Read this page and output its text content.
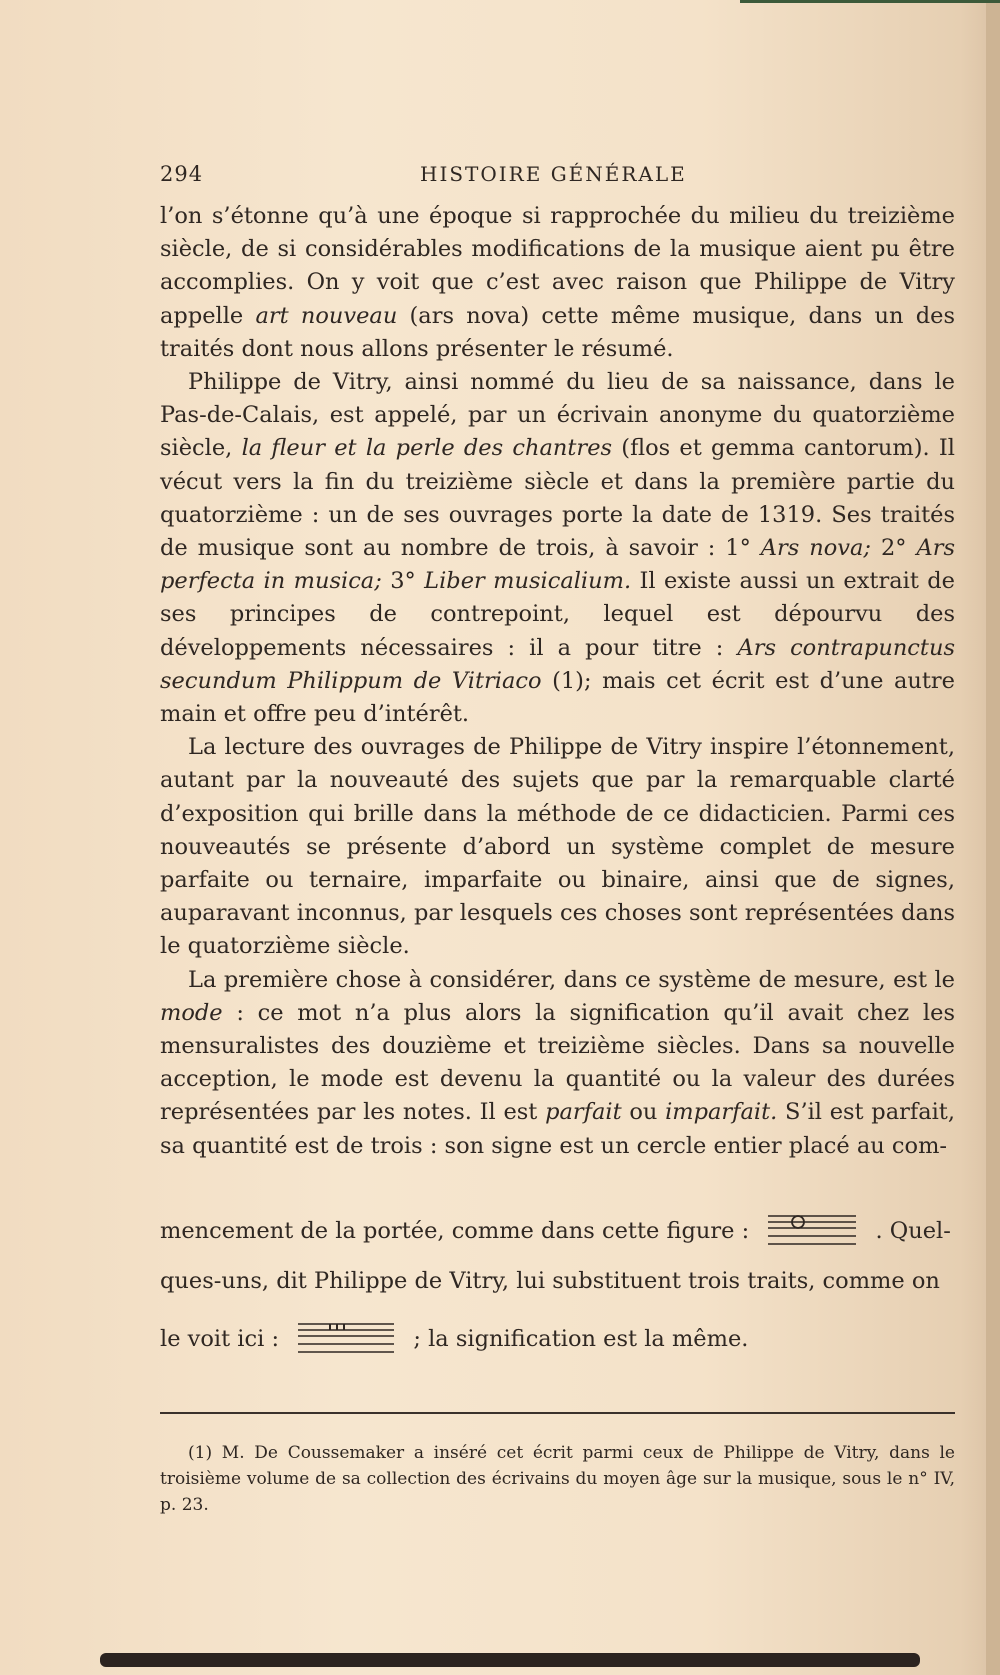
294	HISTOIRE GÉNÉRALE

l’on s’étonne qu’à une époque si rapprochée du milieu du treizième siècle, de si considérables modifications de la musique aient pu être accomplies. On y voit que c’est avec raison que Philippe de Vitry appelle art nouveau (ars nova) cette même musique, dans un des traités dont nous allons présenter le résumé.

Philippe de Vitry, ainsi nommé du lieu de sa naissance, dans le Pas-de-Calais, est appelé, par un écrivain anonyme du quatorzième siècle, la fleur et la perle des chantres (flos et gemma cantorum). Il vécut vers la fin du treizième siècle et dans la première partie du quatorzième : un de ses ouvrages porte la date de 1319. Ses traités de musique sont au nombre de trois, à savoir : 1° Ars nova; 2° Ars perfecta in musica; 3° Liber musicalium. Il existe aussi un extrait de ses principes de contrepoint, lequel est dépourvu des développements nécessaires : il a pour titre : Ars contrapunctus secundum Philippum de Vitriaco (1); mais cet écrit est d’une autre main et offre peu d’intérêt.

La lecture des ouvrages de Philippe de Vitry inspire l’étonnement, autant par la nouveauté des sujets que par la remarquable clarté d’exposition qui brille dans la méthode de ce didacticien. Parmi ces nouveautés se présente d’abord un système complet de mesure parfaite ou ternaire, imparfaite ou binaire, ainsi que de signes, auparavant inconnus, par lesquels ces choses sont représentées dans le quatorzième siècle.

La première chose à considérer, dans ce système de mesure, est le mode : ce mot n’a plus alors la signification qu’il avait chez les mensuralistes des douzième et treizième siècles. Dans sa nouvelle acception, le mode est devenu la quantité ou la valeur des durées représentées par les notes. Il est parfait ou imparfait. S’il est parfait, sa quantité est de trois : son signe est un cercle entier placé au com-

mencement de la portée, comme dans cette figure :	. Quel-
ques-uns, dit Philippe de Vitry, lui substituent trois traits, comme on
le voit ici :	; la signification est la même.
(1) M. De Coussemaker a inséré cet écrit parmi ceux de Philippe de Vitry, dans le troisième volume de sa collection des écrivains du moyen âge sur la musique, sous le n° IV, p. 23.
